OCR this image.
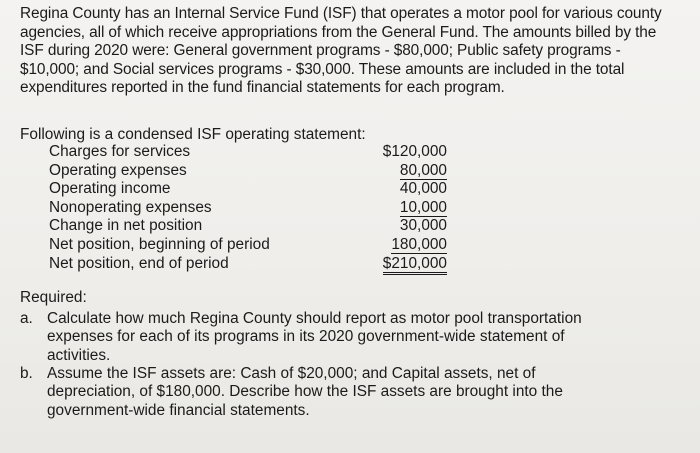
Regina County has an Internal Service Fund (ISF) that operates a motor pool for various county
agencies, all of which receive appropriations from the General Fund. The amounts billed by the
ISF during 2020 were: General government programs - $80,000; Public safety programs -
$10,000; and Social services programs - $30,000. These amounts are included in the total
expenditures reported in the fund financial statements for each program.
Following is a condensed ISF operating statement:
Charges for services	$120,000
Operating expenses	80,000
Operating income	40,000
Nonoperating expenses	10,000
Change in net position	30,000
Net position, beginning of period	180,000
Net position, end of period	$210,000
Required:
a. Calculate how much Regina County should report as motor pool transportation
expenses for each of its programs in its 2020 government-wide statement of
activities.
b. Assume the ISF assets are: Cash of $20,000; and Capital assets, net of
depreciation, of $180,000. Describe how the ISF assets are brought into the
government-wide financial statements.
